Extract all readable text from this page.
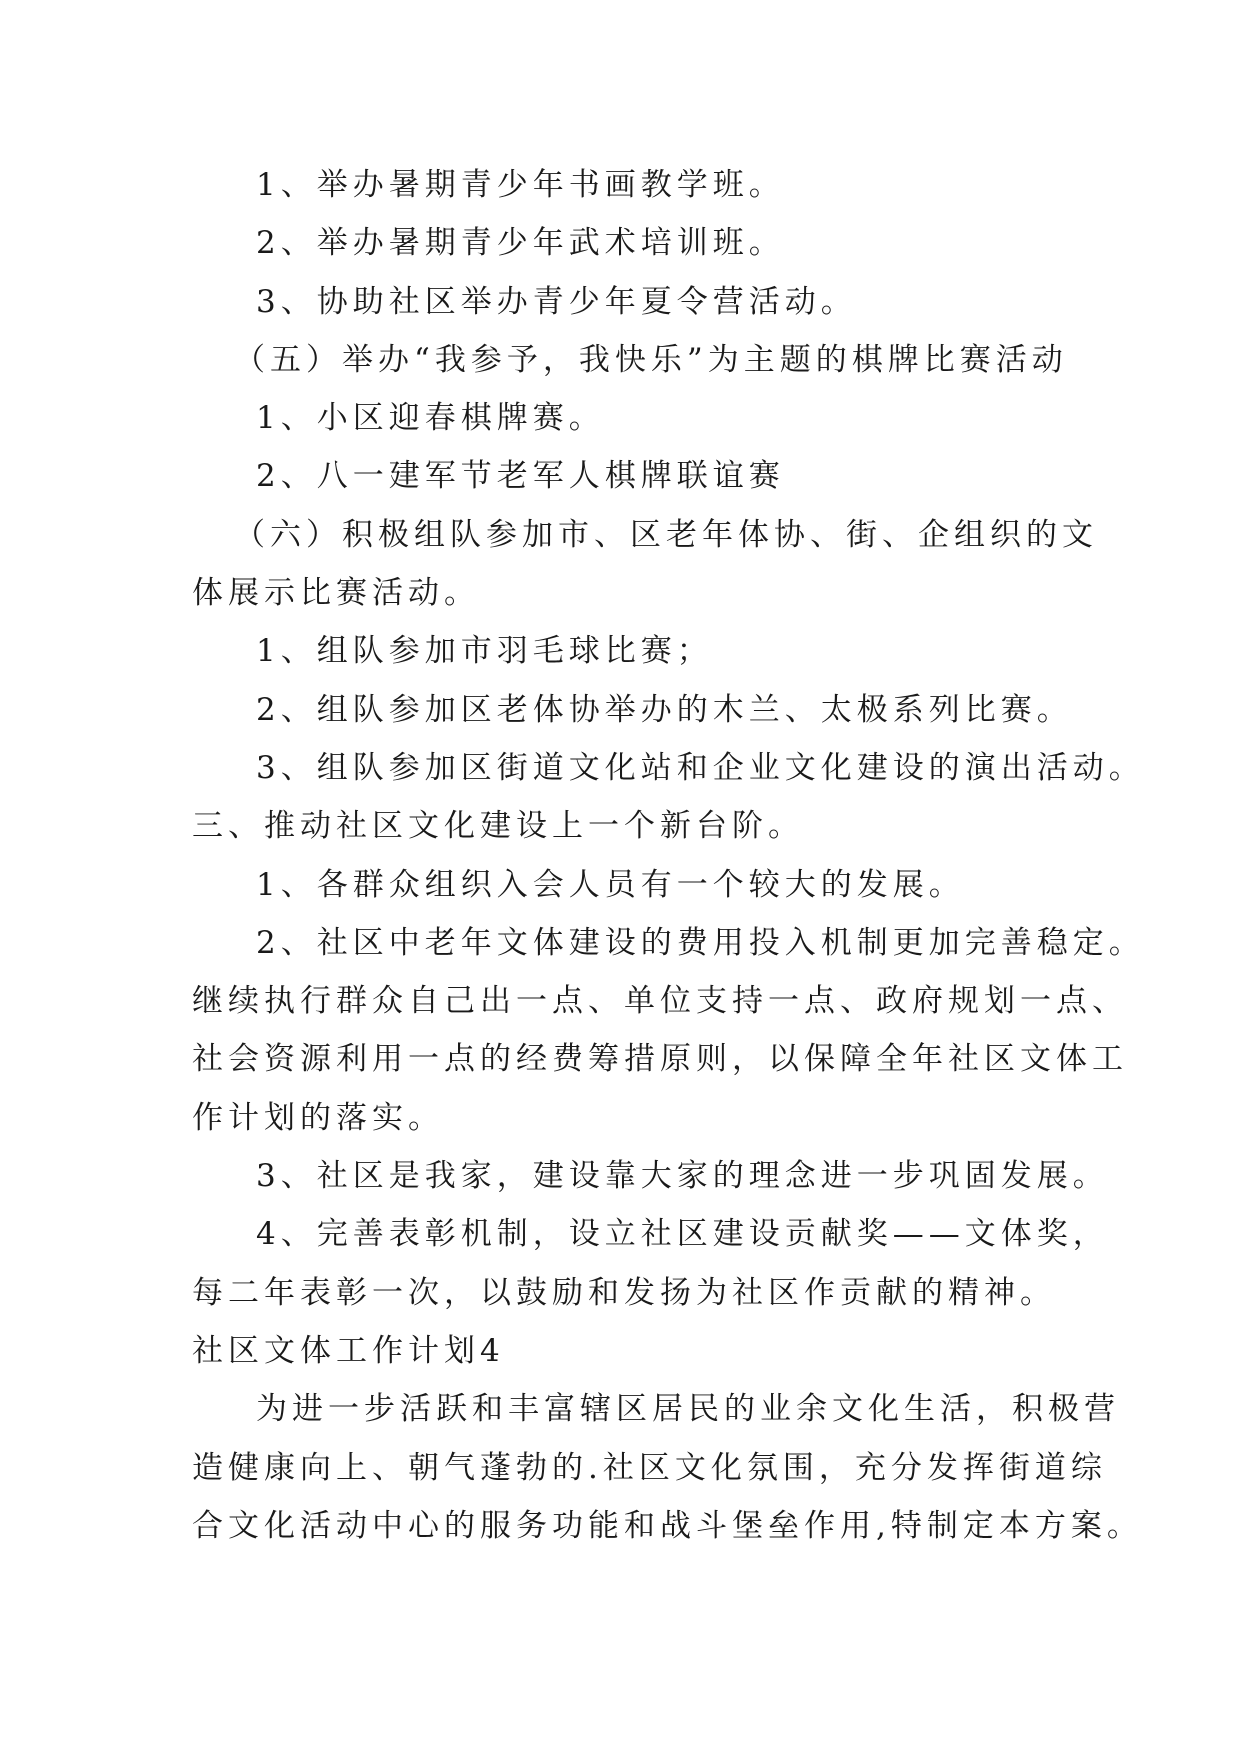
1、举办暑期青少年书画教学班。
2、举办暑期青少年武术培训班。
3、协助社区举办青少年夏令营活动。
（五）举办“我参予，我快乐”为主题的棋牌比赛活动
1、小区迎春棋牌赛。
2、八一建军节老军人棋牌联谊赛
（六）积极组队参加市、区老年体协、街、企组织的文
体展示比赛活动。
1、组队参加市羽毛球比赛；
2、组队参加区老体协举办的木兰、太极系列比赛。
3、组队参加区街道文化站和企业文化建设的演出活动。
三、推动社区文化建设上一个新台阶。
1、各群众组织入会人员有一个较大的发展。
2、社区中老年文体建设的费用投入机制更加完善稳定。
继续执行群众自己出一点、单位支持一点、政府规划一点、
社会资源利用一点的经费筹措原则，以保障全年社区文体工
作计划的落实。
3、社区是我家，建设靠大家的理念进一步巩固发展。
4、完善表彰机制，设立社区建设贡献奖——文体奖，
每二年表彰一次，以鼓励和发扬为社区作贡献的精神。
社区文体工作计划4
为进一步活跃和丰富辖区居民的业余文化生活，积极营
造健康向上、朝气蓬勃的.社区文化氛围，充分发挥街道综
合文化活动中心的服务功能和战斗堡垒作用,特制定本方案。
